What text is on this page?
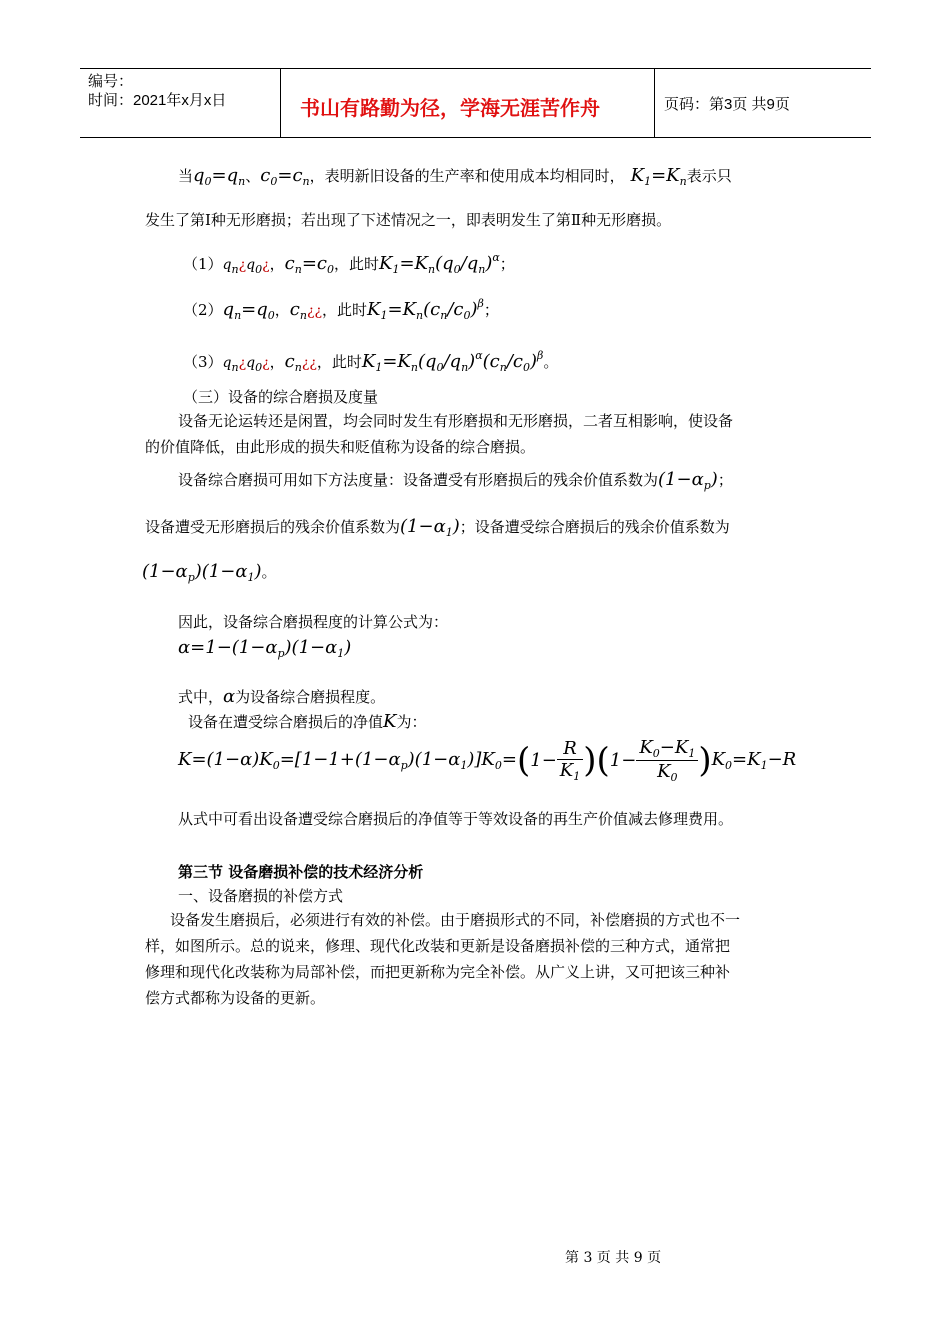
编号：
时间：2021年x月x日	书山有路勤为径，学海无涯苦作舟	页码：第3页 共9页
当$q_0=q_n$、$c_0=c_n$，表明新旧设备的生产率和使用成本均相同时， $K_1=K_n$表示只
发生了第Ⅰ种无形磨损；若出现了下述情况之一，即表明发生了第Ⅱ种无形磨损。
$(1)q_n¿q_0¿$，$c_n=c_0$，此时$K_1=K_n(q_0/q_n)^\alpha$；
$(2)q_n=q_0$，$c_n¿¿$，此时$K_1=K_n(c_n/c_0)^\beta$；
$(3)q_n¿q_0¿$，$c_n¿¿$，此时$K_1=K_n(q_0/q_n)^\alpha(c_n/c_0)^\beta$。
（三）设备的综合磨损及度量
设备无论运转还是闲置，均会同时发生有形磨损和无形磨损，二者互相影响，使设备
的价值降低，由此形成的损失和贬值称为设备的综合磨损。
设备综合磨损可用如下方法度量：设备遭受有形磨损后的残余价值系数为$(1-\alpha_p)$；
设备遭受无形磨损后的残余价值系数为$(1-\alpha_1)$；设备遭受综合磨损后的残余价值系数为
$(1-\alpha_p)(1-\alpha_1)$。
因此，设备综合磨损程度的计算公式为：
$\alpha=1-(1-\alpha_p)(1-\alpha_1)$
式中，α为设备综合磨损程度。
设备在遭受综合磨损后的净值K为：
$K=(1-\alpha)K_0=[1-1+(1-\alpha_p)(1-\alpha_1)]K_0=(1- \frac{R}{K_1} )(1- \frac{K_0-K_1}{K_0} )K_0=K_1-R$
从式中可看出设备遭受综合磨损后的净值等于等效设备的再生产价值减去修理费用。
第三节 设备磨损补偿的技术经济分析
一、设备磨损的补偿方式
设备发生磨损后，必须进行有效的补偿。由于磨损形式的不同，补偿磨损的方式也不一
样，如图所示。总的说来，修理、现代化改装和更新是设备磨损补偿的三种方式，通常把
修理和现代化改装称为局部补偿，而把更新称为完全补偿。从广义上讲，又可把该三种补
偿方式都称为设备的更新。
第 3 页 共 9 页
